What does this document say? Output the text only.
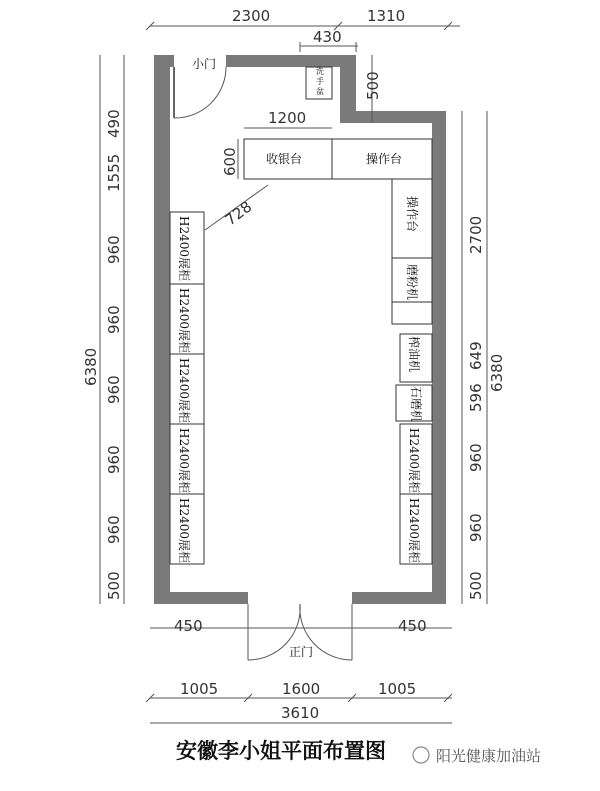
小门
洗
手
盆
收银台	操作台
操作台
磨粉机
榨油机
石磨机
H2400展柜
H2400展柜
H2400展柜
H2400展柜
H2400展柜
H2400展柜
H2400展柜
正门
2300	1310
430
500
1200
600
728
490
1555
960
960
960
960
960
500
6380
2700
649
596
960
960
500
6380
450	450
1005	1600	1005
3610
安徽李小姐平面布置图	阳光健康加油站
